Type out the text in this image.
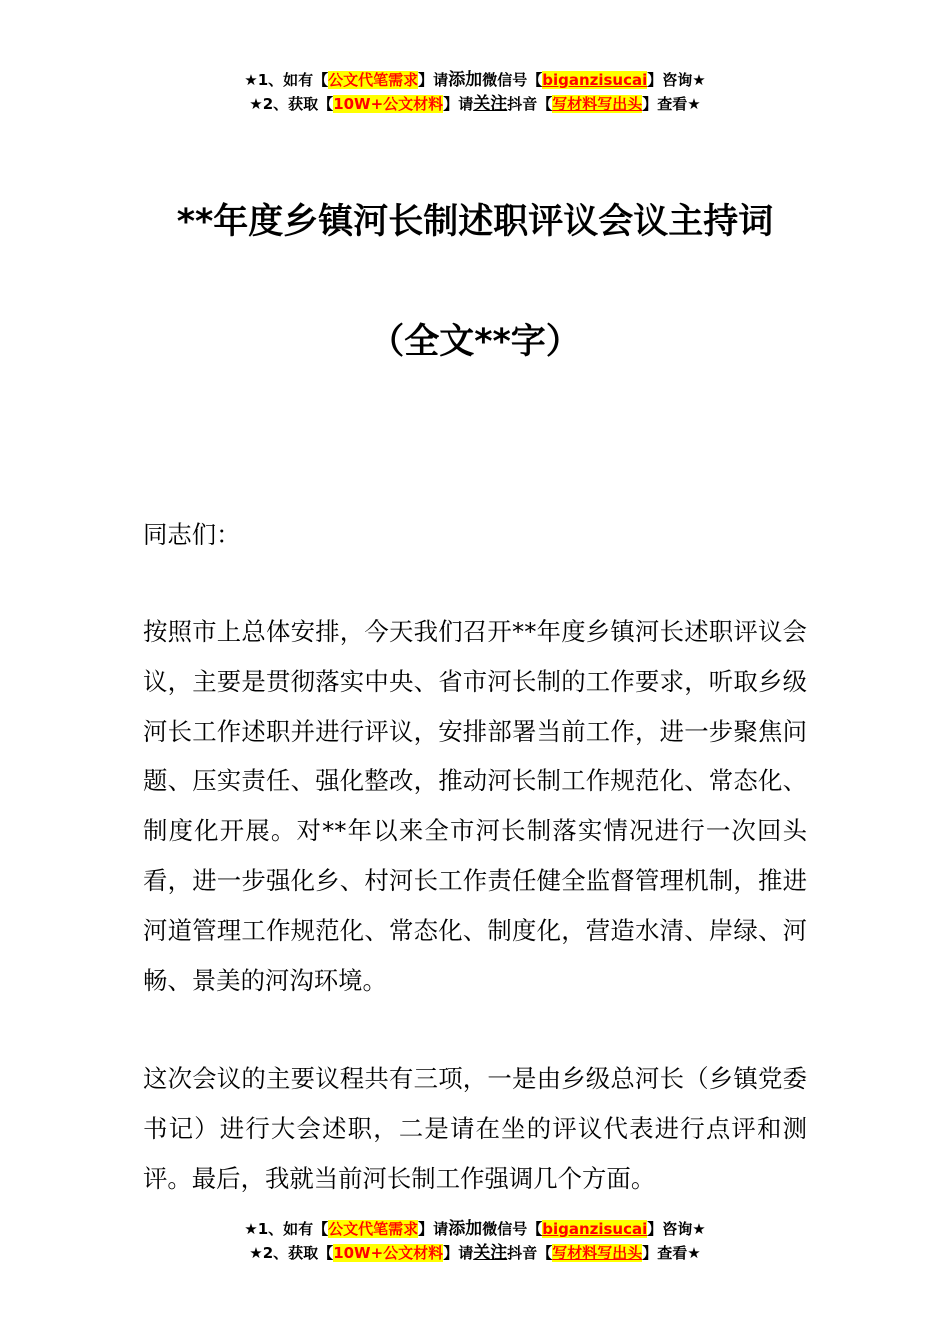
★1、如有【公文代笔需求】请添加微信号【biganzisucai】咨询★
★2、获取【10W+公文材料】请关注抖音【写材料写出头】查看★
**年度乡镇河长制述职评议会议主持词
（全文**字）
同志们：
按照市上总体安排，今天我们召开**年度乡镇河长述职评议会议，主要是贯彻落实中央、省市河长制的工作要求，听取乡级河长工作述职并进行评议，安排部署当前工作，进一步聚焦问题、压实责任、强化整改，推动河长制工作规范化、常态化、制度化开展。对**年以来全市河长制落实情况进行一次回头看，进一步强化乡、村河长工作责任健全监督管理机制，推进河道管理工作规范化、常态化、制度化，营造水清、岸绿、河畅、景美的河沟环境。
这次会议的主要议程共有三项，一是由乡级总河长（乡镇党委书记）进行大会述职，二是请在坐的评议代表进行点评和测评。最后，我就当前河长制工作强调几个方面。
★1、如有【公文代笔需求】请添加微信号【biganzisucai】咨询★
★2、获取【10W+公文材料】请关注抖音【写材料写出头】查看★
